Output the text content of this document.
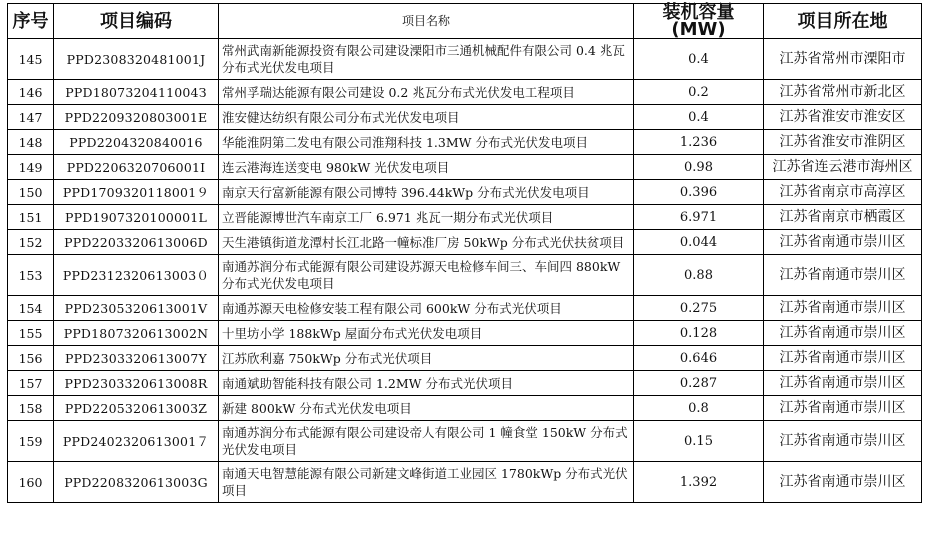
序号	项目编码	项目名称	装机容量(MW)	项目所在地
145	PPD2308320481001J	常州武南新能源投资有限公司建设溧阳市三通机械配件有限公司 0.4 兆瓦分布式光伏发电项目	0.4	江苏省常州市溧阳市
146	PPD1807320411004З	常州孚瑞达能源有限公司建设 0.2 兆瓦分布式光伏发电工程项目	0.2	江苏省常州市新北区
147	PPD2209320803001E	淮安健达纺织有限公司分布式光伏发电项目	0.4	江苏省淮安市淮安区
148	PPD2204320840016	华能淮阴第二发电有限公司淮翔科技 1.3MW 分布式光伏发电项目	1.236	江苏省淮安市淮阴区
149	PPD2206320706001I	连云港海连送变电 980kW 光伏发电项目	0.98	江苏省连云港市海州区
150	PPD1709320118001９	南京天行富新能源有限公司博特 396.44kWp 分布式光伏发电项目	0.396	江苏省南京市高淳区
151	PPD1907320100001L	立晋能源博世汽车南京工厂 6.971 兆瓦一期分布式光伏项目	6.971	江苏省南京市栖霞区
152	PPD2203320613006D	天生港镇街道龙潭村长江北路一幢标准厂房 50kWp 分布式光伏扶贫项目	0.044	江苏省南通市崇川区
153	PPD2312320613003０	南通苏润分布式能源有限公司建设苏源天电检修车间三、车间四 880kW 分布式光伏发电项目	0.88	江苏省南通市崇川区
154	PPD2305320613001V	南通苏源天电检修安装工程有限公司 600kW 分布式光伏项目	0.275	江苏省南通市崇川区
155	PPD1807320613002N	十里坊小学 188kWp 屋面分布式光伏发电项目	0.128	江苏省南通市崇川区
156	PPD2303320613007Y	江苏欣利嘉 750kWp 分布式光伏项目	0.646	江苏省南通市崇川区
157	PPD2303320613008R	南通斌助智能科技有限公司 1.2MW 分布式光伏项目	0.287	江苏省南通市崇川区
158	PPD2205320613003Z	新建 800kW 分布式光伏发电项目	0.8	江苏省南通市崇川区
159	PPD2402320613001７	南通苏润分布式能源有限公司建设帝人有限公司 1 幢食堂 150kW 分布式光伏发电项目	0.15	江苏省南通市崇川区
160	PPD2208320613003G	南通天电智慧能源有限公司新建文峰街道工业园区 1780kWp 分布式光伏项目	1.392	江苏省南通市崇川区
